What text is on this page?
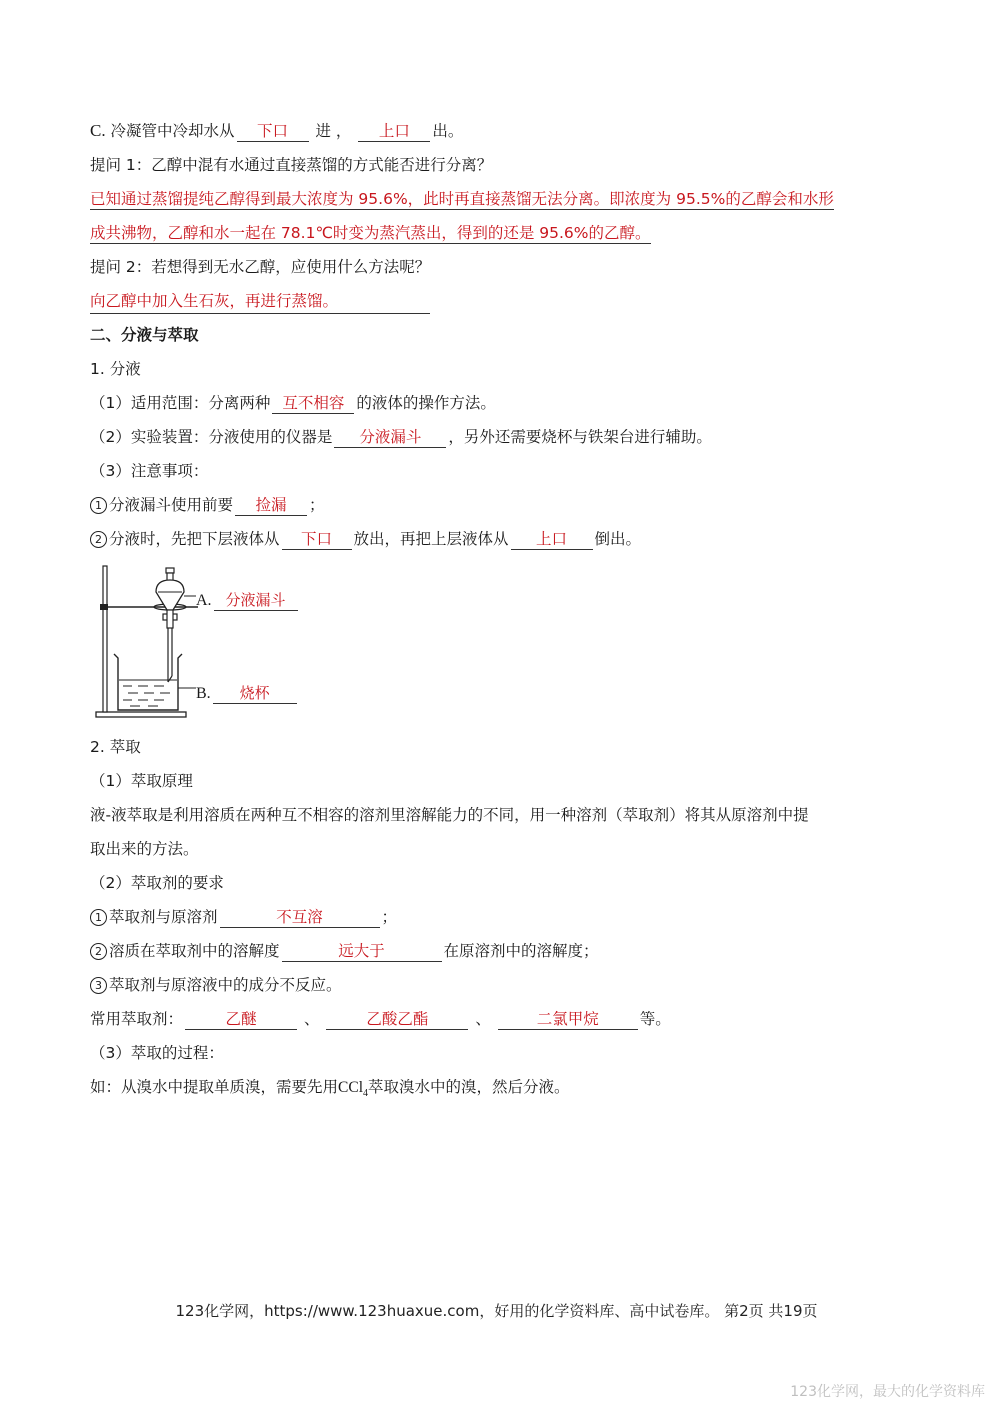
C. 冷凝管中冷却水从 下口 进 ， 上口 出。
提问 1：乙醇中混有水通过直接蒸馏的方式能否进行分离？
已知通过蒸馏提纯乙醇得到最大浓度为 95.6%，此时再直接蒸馏无法分离。即浓度为 95.5%的乙醇会和水形
成共沸物，乙醇和水一起在 78.1℃时变为蒸汽蒸出，得到的还是 95.6%的乙醇。
提问 2：若想得到无水乙醇，应使用什么方法呢？
向乙醇中加入生石灰，再进行蒸馏。
二、分液与萃取
1. 分液
（1）适用范围：分离两种 互不相容 的液体的操作方法。
（2）实验装置：分液使用的仪器是 分液漏斗 ，另外还需要烧杯与铁架台进行辅助。
（3）注意事项：
1 分液漏斗使用前要 捡漏 ；
2 分液时，先把下层液体从 下口 放出，再把上层液体从 上口 倒出。
A. 分液漏斗
B. 烧杯
2. 萃取
（1）萃取原理
液-液萃取是利用溶质在两种互不相容的溶剂里溶解能力的不同，用一种溶剂（萃取剂）将其从原溶剂中提
取出来的方法。
（2）萃取剂的要求
1 萃取剂与原溶剂	不互溶	；
2 溶质在萃取剂中的溶解度	远大于	在原溶剂中的溶解度；
3 萃取剂与原溶液中的成分不反应。
常用萃取剂：	乙醚	、	乙酸乙酯	、	二氯甲烷	等。
（3）萃取的过程：
如：从溴水中提取单质溴，需要先用CCl$_4$萃取溴水中的溴，然后分液。
123化学网，https://www.123huaxue.com，好用的化学资料库、高中试卷库。 第2页 共19页
123化学网，最大的化学资料库
